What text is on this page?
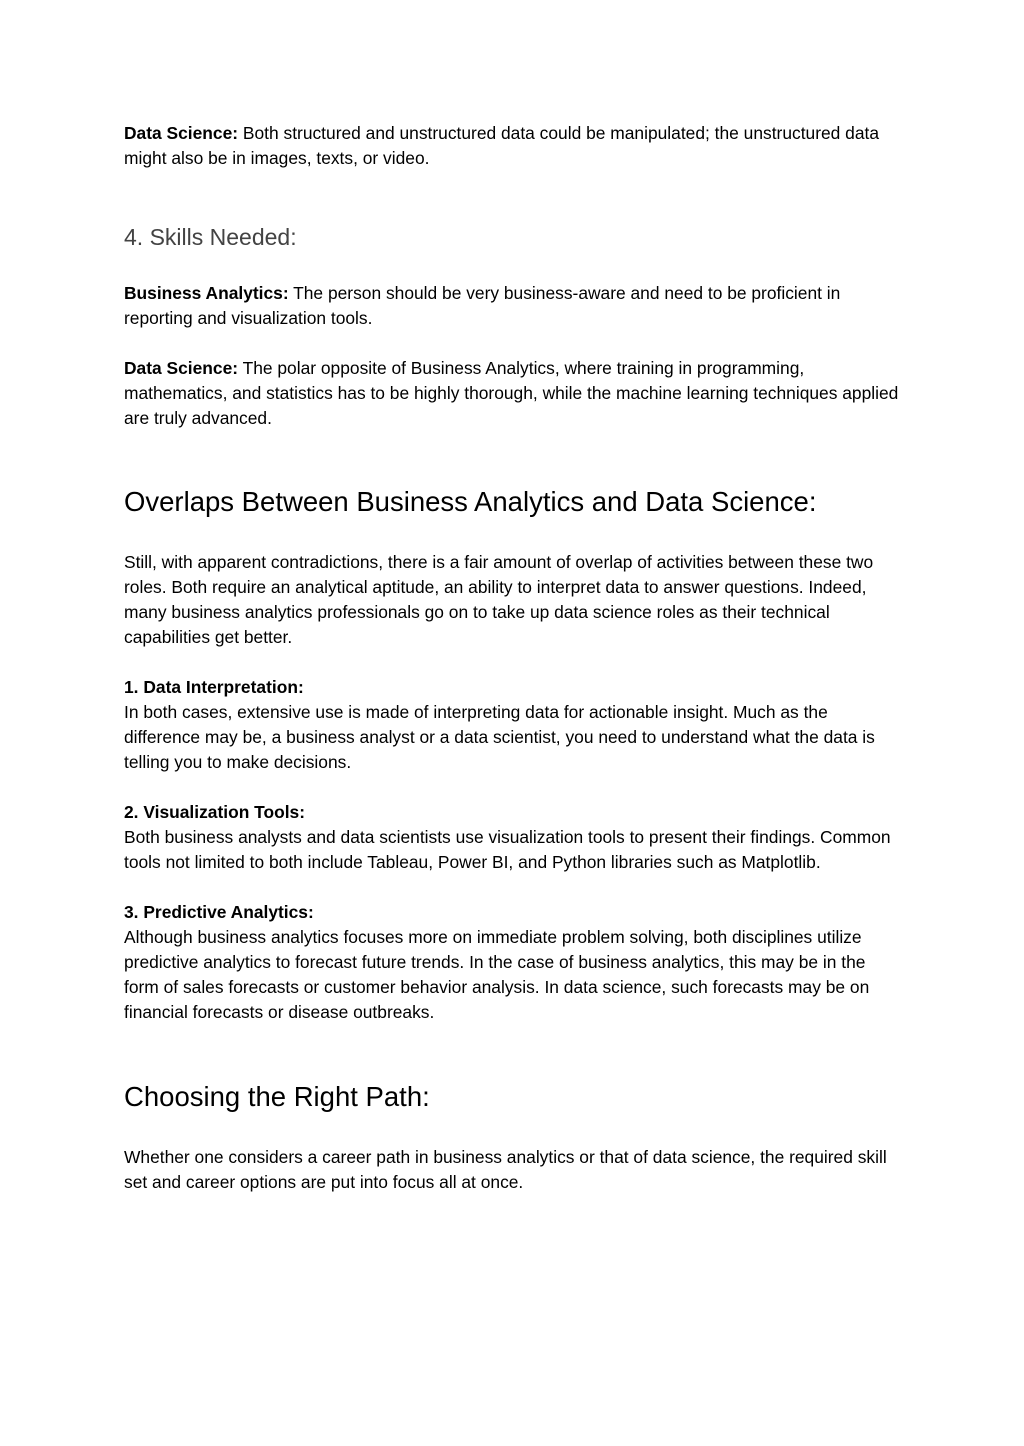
Data Science: Both structured and unstructured data could be manipulated; the unstructured data might also be in images, texts, or video.

4. Skills Needed:

Business Analytics: The person should be very business-aware and need to be proficient in reporting and visualization tools.

Data Science: The polar opposite of Business Analytics, where training in programming, mathematics, and statistics has to be highly thorough, while the machine learning techniques applied are truly advanced.

Overlaps Between Business Analytics and Data Science:

Still, with apparent contradictions, there is a fair amount of overlap of activities between these two roles. Both require an analytical aptitude, an ability to interpret data to answer questions. Indeed, many business analytics professionals go on to take up data science roles as their technical capabilities get better.

1. Data Interpretation:

In both cases, extensive use is made of interpreting data for actionable insight. Much as the difference may be, a business analyst or a data scientist, you need to understand what the data is telling you to make decisions.

2. Visualization Tools:

Both business analysts and data scientists use visualization tools to present their findings. Common tools not limited to both include Tableau, Power BI, and Python libraries such as Matplotlib.

3. Predictive Analytics:

Although business analytics focuses more on immediate problem solving, both disciplines utilize predictive analytics to forecast future trends. In the case of business analytics, this may be in the form of sales forecasts or customer behavior analysis. In data science, such forecasts may be on financial forecasts or disease outbreaks.

Choosing the Right Path:

Whether one considers a career path in business analytics or that of data science, the required skill set and career options are put into focus all at once.
